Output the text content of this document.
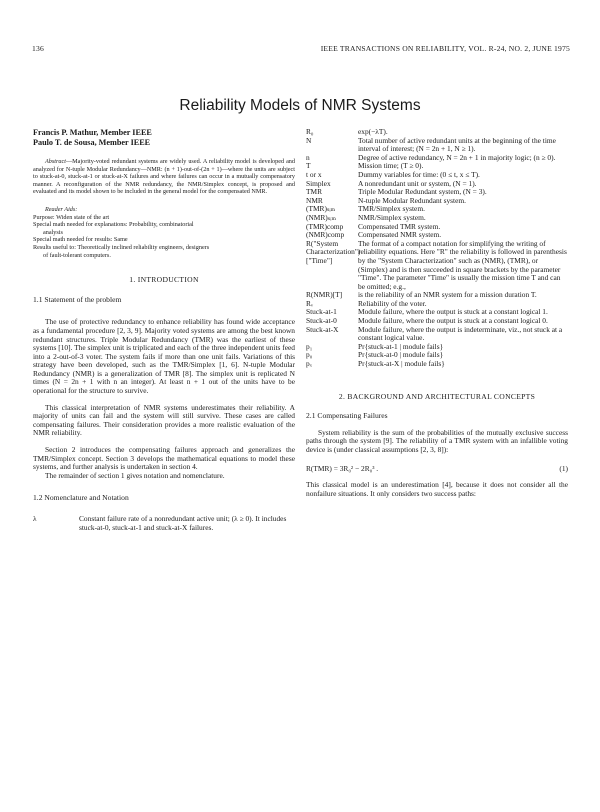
136	IEEE TRANSACTIONS ON RELIABILITY, VOL. R-24, NO. 2, JUNE 1975
Reliability Models of NMR Systems
Francis P. Mathur, Member IEEE
Paulo T. de Sousa, Member IEEE
Abstract—Majority-voted redundant systems are widely used. A reliability model is developed and analyzed for N-tuple Modular Redundancy—NMR: (n + 1)-out-of-(2n + 1)—where the units are subject to stuck-at-0, stuck-at-1 or stuck-at-X failures and where failures can occur in a mutually compensatory manner. A reconfiguration of the NMR redundancy, the NMR/Simplex concept, is proposed and evaluated and its model shown to be included in the general model for the compensated NMR.
Reader Aids:
Purpose: Widen state of the art
Special math needed for explanations: Probability, combinatorial
analysis
Special math needed for results: Same
Results useful to: Theoretically inclined reliability engineers, designers
of fault-tolerant computers.
1. INTRODUCTION
1.1 Statement of the problem
The use of protective redundancy to enhance reliability has found wide acceptance as a fundamental procedure [2, 3, 9]. Majority voted systems are among the best known redundant structures. Triple Modular Redundancy (TMR) was the earliest of these systems [10]. The simplex unit is triplicated and each of the three independent units feed into a 2-out-of-3 voter. The system fails if more than one unit fails. Variations of this strategy have been developed, such as the TMR/Simplex [1, 6]. N-tuple Modular Redundancy (NMR) is a generalization of TMR [8]. The simplex unit is replicated N times (N = 2n + 1 with n an integer). At least n + 1 out of the units have to be operational for the structure to survive.
This classical interpretation of NMR systems underestimates their reliability. A majority of units can fail and the system will still survive. These cases are called compensating failures. Their consideration provides a more realistic evaluation of the NMR reliability.
Section 2 introduces the compensating failures approach and generalizes the TMR/Simplex concept. Section 3 develops the mathematical equations to model these systems, and further analysis is undertaken in section 4.
The remainder of section 1 gives notation and nomenclature.
1.2 Nomenclature and Notation
λ	Constant failure rate of a nonredundant active unit; (λ ≥ 0). It includes stuck-at-0, stuck-at-1 and stuck-at-X failures.
R₀	exp(−λT).
N	Total number of active redundant units at the beginning of the time interval of interest; (N = 2n + 1, N ≥ 1).
n	Degree of active redundancy, N = 2n + 1 in majority logic; (n ≥ 0).
T	Mission time; (T ≥ 0).
t or x	Dummy variables for time: (0 ≤ t, x ≤ T).
Simplex	A nonredundant unit or system, (N = 1).
TMR	Triple Modular Redundant system, (N = 3).
NMR	N-tuple Modular Redundant system.
(TMR)ₛᵢₘ	TMR/Simplex system.
(NMR)ₛᵢₘ	NMR/Simplex system.
(TMR)comp	Compensated TMR system.
(NMR)comp	Compensated NMR system.
R("System Characterization") ["Time"]
The format of a compact notation for simplifying the writing of reliability equations. Here "R" the reliability is followed in parenthesis by the "System Characterization" such as (NMR), (TMR), or (Simplex) and is then succeeded in square brackets by the parameter "Time". The parameter "Time" is usually the mission time T and can be omitted; e.g.,
R(NMR)[T]	is the reliability of an NMR system for a mission duration T.
Rᵥ	Reliability of the voter.
Stuck-at-1	Module failure, where the output is stuck at a constant logical 1.
Stuck-at-0	Module failure, where the output is stuck at a constant logical 0.
Stuck-at-X	Module failure, where the output is indeterminate, viz., not stuck at a constant logical value.
p₁	Pr{stuck-at-1 | module fails}
p₀	Pr{stuck-at-0 | module fails}
pₓ	Pr{stuck-at-X | module fails}
2. BACKGROUND AND ARCHITECTURAL CONCEPTS
2.1 Compensating Failures
System reliability is the sum of the probabilities of the mutually exclusive success paths through the system [9]. The reliability of a TMR system with an infallible voting device is (under classical assumptions [2, 3, 8]):
R(TMR) = 3R₀² − 2R₀³ .	(1)
This classical model is an underestimation [4], because it does not consider all the nonfailure situations. It only considers two success paths:
